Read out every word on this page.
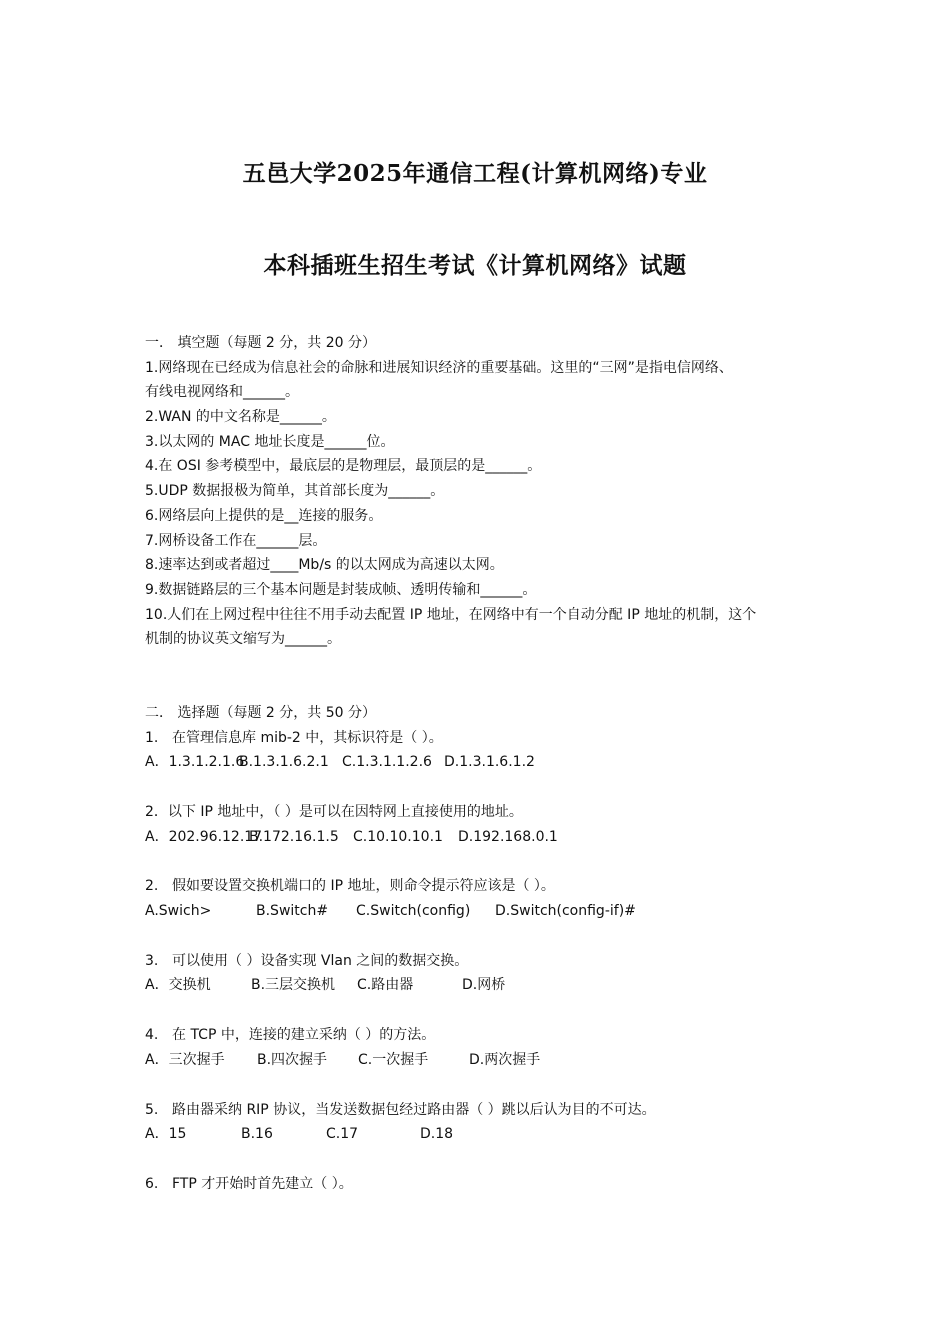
五邑大学2025年通信工程(计算机网络)专业
本科插班生招生考试《计算机网络》试题
一． 填空题（每题 2 分，共 20 分）
1.网络现在已经成为信息社会的命脉和进展知识经济的重要基础。这里的“三网”是指电信网络、
有线电视网络和______。
2.WAN 的中文名称是______。
3.以太网的 MAC 地址长度是______位。
4.在 OSI 参考模型中，最底层的是物理层，最顶层的是______。
5.UDP 数据报极为简单，其首部长度为______。
6.网络层向上提供的是__连接的服务。
7.网桥设备工作在______层。
8.速率达到或者超过____Mb/s 的以太网成为高速以太网。
9.数据链路层的三个基本问题是封装成帧、透明传输和______。
10.人们在上网过程中往往不用手动去配置 IP 地址，在网络中有一个自动分配 IP 地址的机制，这个
机制的协议英文缩写为______。
二． 选择题（每题 2 分，共 50 分）
1. 在管理信息库 mib-2 中，其标识符是（ ）。
A．1.3.1.2.1.6B.1.3.1.6.2.1 C.1.3.1.1.2.6 D.1.3.1.6.1.2
2．以下 IP 地址中，（ ）是可以在因特网上直接使用的地址。
A．202.96.12.17B.172.16.1.5 C.10.10.10.1 D.192.168.0.1
2. 假如要设置交换机端口的 IP 地址，则命令提示符应该是（ ）。
A.Swich>	B.Switch# C.Switch(config) D.Switch(config-if)#
3. 可以使用（ ）设备实现 Vlan 之间的数据交换。
A．交换机	B.三层交换机 C.路由器	D.网桥
4. 在 TCP 中，连接的建立采纳（ ）的方法。
A．三次握手 B.四次握手 C.一次握手	D.两次握手
5. 路由器采纳 RIP 协议，当发送数据包经过路由器（ ）跳以后认为目的不可达。
A．15	B.16	C.17	D.18
6. FTP 才开始时首先建立（ ）。
